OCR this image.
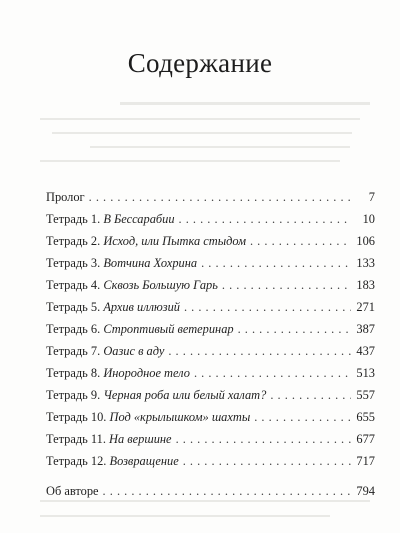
Содержание
Пролог . . .	7
Тетрадь 1. В Бессарабии . . .	10
Тетрадь 2. Исход, или Пытка стыдом . . .	106
Тетрадь 3. Вотчина Хохрина . . .	133
Тетрадь 4. Сквозь Большую Гарь . . .	183
Тетрадь 5. Архив иллюзий . . .	271
Тетрадь 6. Строптивый ветеринар . . .	387
Тетрадь 7. Оазис в аду . . .	437
Тетрадь 8. Инородное тело . . .	513
Тетрадь 9. Черная роба или белый халат? . . .	557
Тетрадь 10. Под «крылышком» шахты . . .	655
Тетрадь 11. На вершине . . .	677
Тетрадь 12. Возвращение . . .	717
Об авторе . . .	794
